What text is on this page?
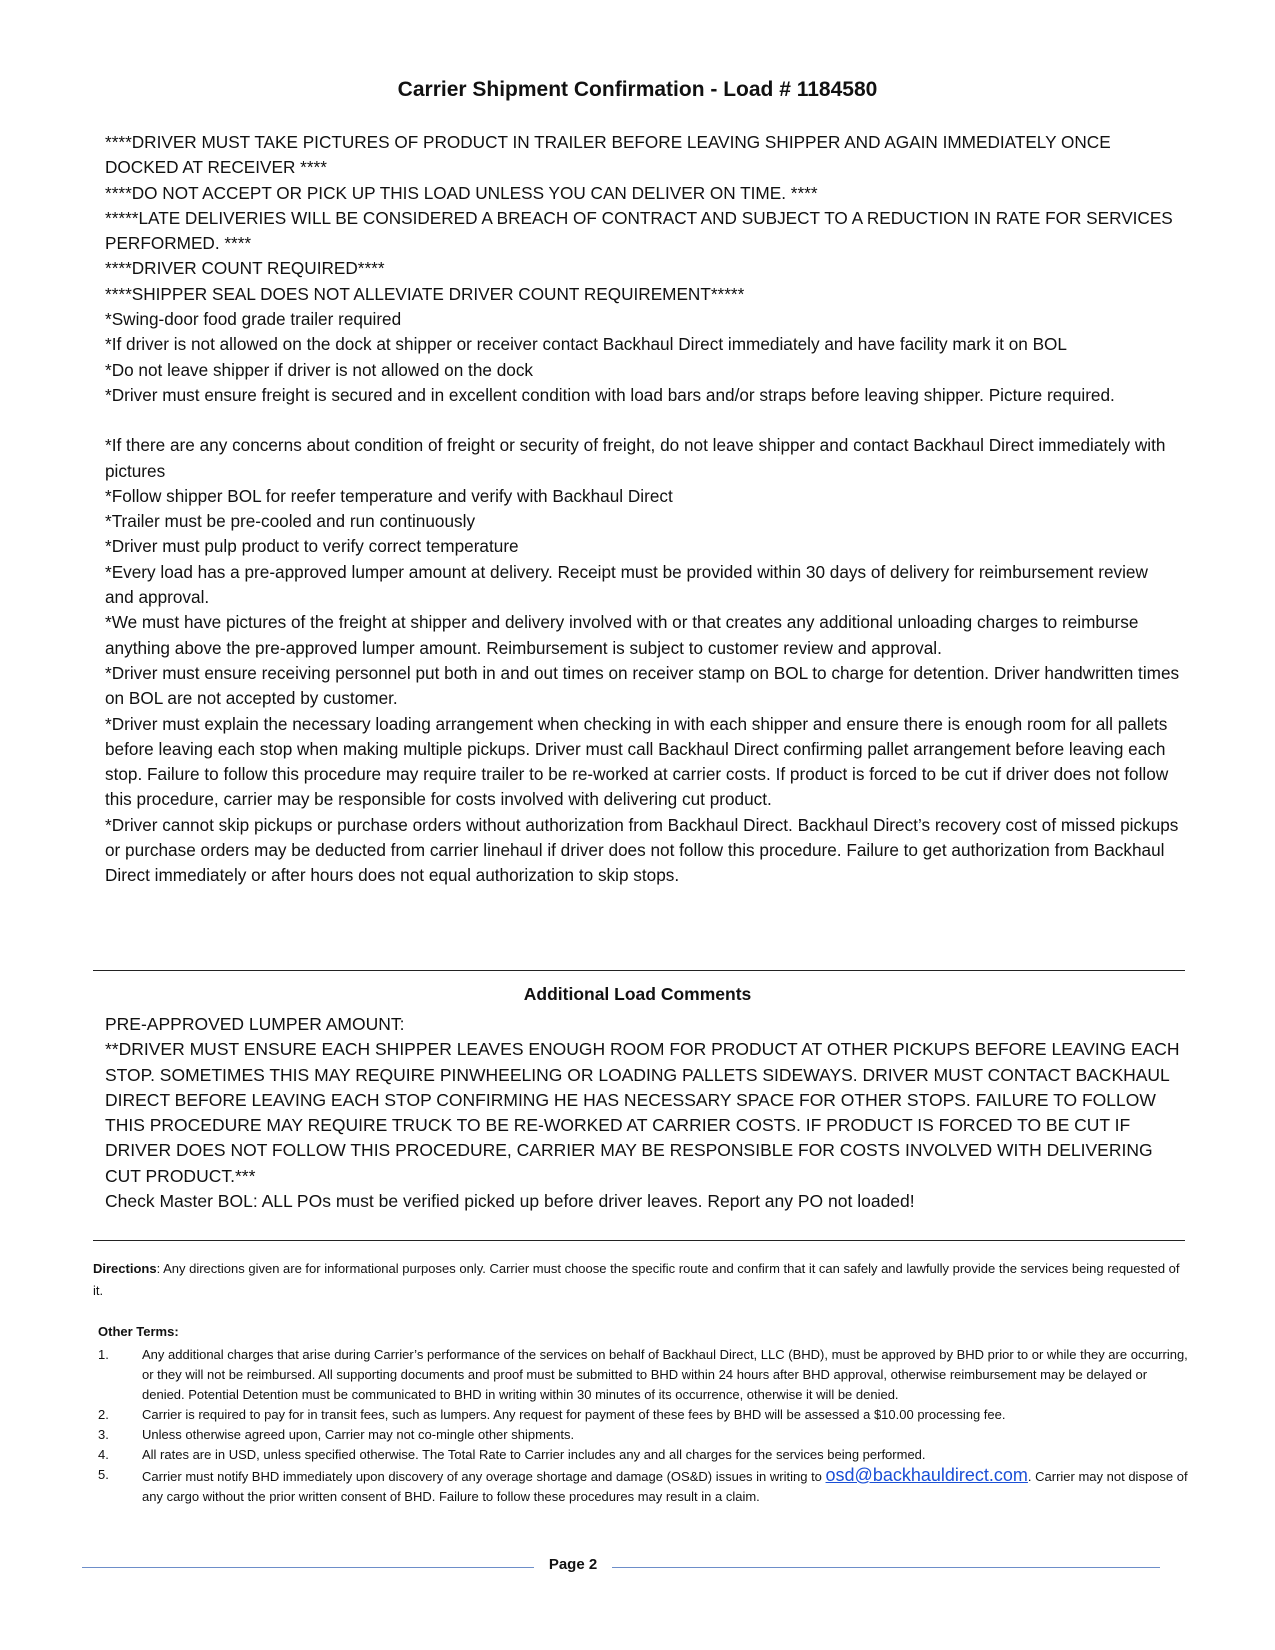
Carrier Shipment Confirmation - Load # 1184580

****DRIVER MUST TAKE PICTURES OF PRODUCT IN TRAILER BEFORE LEAVING SHIPPER AND AGAIN IMMEDIATELY ONCE DOCKED AT RECEIVER ****

****DO NOT ACCEPT OR PICK UP THIS LOAD UNLESS YOU CAN DELIVER ON TIME. ****

*****LATE DELIVERIES WILL BE CONSIDERED A BREACH OF CONTRACT AND SUBJECT TO A REDUCTION IN RATE FOR SERVICES PERFORMED. ****

****DRIVER COUNT REQUIRED****

****SHIPPER SEAL DOES NOT ALLEVIATE DRIVER COUNT REQUIREMENT*****

*Swing-door food grade trailer required

*If driver is not allowed on the dock at shipper or receiver contact Backhaul Direct immediately and have facility mark it on BOL

*Do not leave shipper if driver is not allowed on the dock

*Driver must ensure freight is secured and in excellent condition with load bars and/or straps before leaving shipper. Picture required.

*If there are any concerns about condition of freight or security of freight, do not leave shipper and contact Backhaul Direct immediately with pictures

*Follow shipper BOL for reefer temperature and verify with Backhaul Direct

*Trailer must be pre-cooled and run continuously

*Driver must pulp product to verify correct temperature

*Every load has a pre-approved lumper amount at delivery. Receipt must be provided within 30 days of delivery for reimbursement review and approval.

*We must have pictures of the freight at shipper and delivery involved with or that creates any additional unloading charges to reimburse anything above the pre-approved lumper amount. Reimbursement is subject to customer review and approval.

*Driver must ensure receiving personnel put both in and out times on receiver stamp on BOL to charge for detention. Driver handwritten times on BOL are not accepted by customer.

*Driver must explain the necessary loading arrangement when checking in with each shipper and ensure there is enough room for all pallets before leaving each stop when making multiple pickups. Driver must call Backhaul Direct confirming pallet arrangement before leaving each stop. Failure to follow this procedure may require trailer to be re-worked at carrier costs. If product is forced to be cut if driver does not follow this procedure, carrier may be responsible for costs involved with delivering cut product.

*Driver cannot skip pickups or purchase orders without authorization from Backhaul Direct. Backhaul Direct’s recovery cost of missed pickups or purchase orders may be deducted from carrier linehaul if driver does not follow this procedure. Failure to get authorization from Backhaul Direct immediately or after hours does not equal authorization to skip stops.

Additional Load Comments

PRE-APPROVED LUMPER AMOUNT:

**DRIVER MUST ENSURE EACH SHIPPER LEAVES ENOUGH ROOM FOR PRODUCT AT OTHER PICKUPS BEFORE LEAVING EACH STOP. SOMETIMES THIS MAY REQUIRE PINWHEELING OR LOADING PALLETS SIDEWAYS. DRIVER MUST CONTACT BACKHAUL DIRECT BEFORE LEAVING EACH STOP CONFIRMING HE HAS NECESSARY SPACE FOR OTHER STOPS. FAILURE TO FOLLOW THIS PROCEDURE MAY REQUIRE TRUCK TO BE RE-WORKED AT CARRIER COSTS. IF PRODUCT IS FORCED TO BE CUT IF DRIVER DOES NOT FOLLOW THIS PROCEDURE, CARRIER MAY BE RESPONSIBLE FOR COSTS INVOLVED WITH DELIVERING CUT PRODUCT.***

Check Master BOL: ALL POs must be verified picked up before driver leaves. Report any PO not loaded!

Directions: Any directions given are for informational purposes only. Carrier must choose the specific route and confirm that it can safely and lawfully provide the services being requested of it.
Other Terms:
1.	Any additional charges that arise during Carrier’s performance of the services on behalf of Backhaul Direct, LLC (BHD), must be approved by BHD prior to or while they are occurring, or they will not be reimbursed. All supporting documents and proof must be submitted to BHD within 24 hours after BHD approval, otherwise reimbursement may be delayed or denied. Potential Detention must be communicated to BHD in writing within 30 minutes of its occurrence, otherwise it will be denied.
2.	Carrier is required to pay for in transit fees, such as lumpers. Any request for payment of these fees by BHD will be assessed a $10.00 processing fee.
3.	Unless otherwise agreed upon, Carrier may not co-mingle other shipments.
4.	All rates are in USD, unless specified otherwise. The Total Rate to Carrier includes any and all charges for the services being performed.
5.	Carrier must notify BHD immediately upon discovery of any overage shortage and damage (OS&D) issues in writing to osd@backhauldirect.com. Carrier may not dispose of any cargo without the prior written consent of BHD. Failure to follow these procedures may result in a claim.
Page 2
